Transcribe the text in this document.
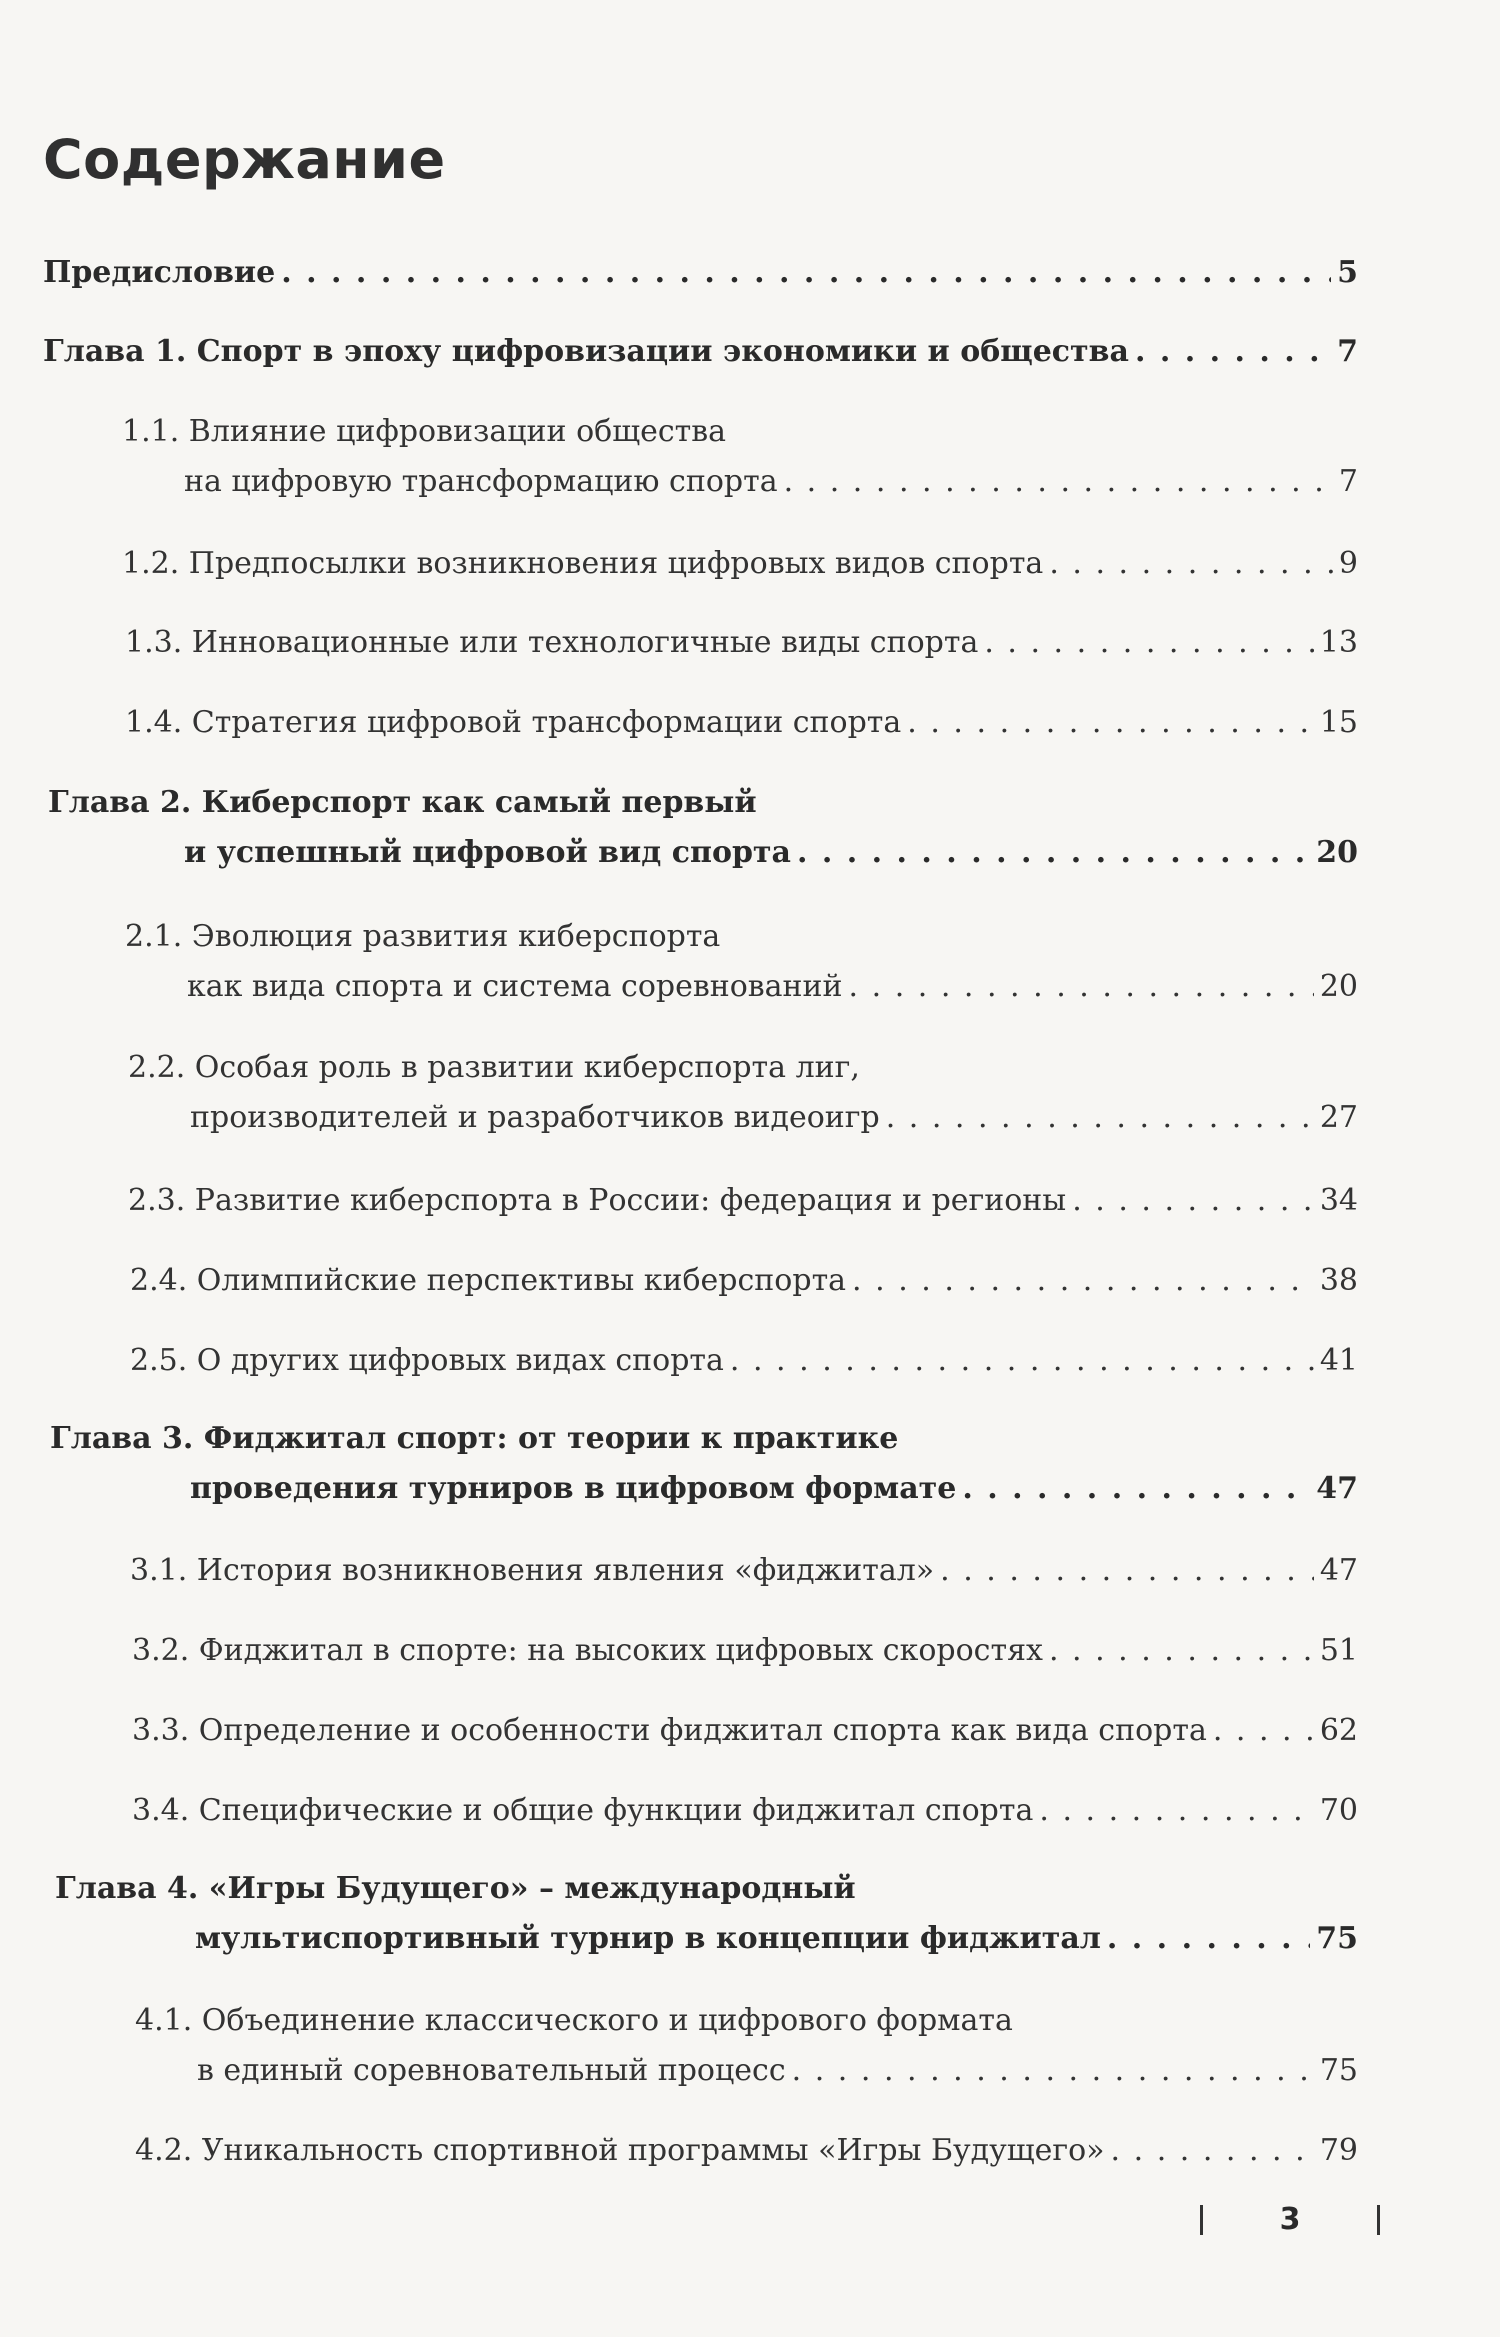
Содержание
Предисловие . . .	5
Глава 1. Спорт в эпоху цифровизации экономики и общества . . .	7
1.1. Влияние цифровизации общества
на цифровую трансформацию спорта . . .	7
1.2. Предпосылки возникновения цифровых видов спорта . . .	9
1.3. Инновационные или технологичные виды спорта . . .	13
1.4. Стратегия цифровой трансформации спорта . . .	15
Глава 2. Киберспорт как самый первый
и успешный цифровой вид спорта . . .	20
2.1. Эволюция развития киберспорта
как вида спорта и система соревнований . . .	20
2.2. Особая роль в развитии киберспорта лиг,
производителей и разработчиков видеоигр . . .	27
2.3. Развитие киберспорта в России: федерация и регионы . . .	34
2.4. Олимпийские перспективы киберспорта . . .	38
2.5. О других цифровых видах спорта . . .	41
Глава 3. Фиджитал спорт: от теории к практике
проведения турниров в цифровом формате . . .	47
3.1. История возникновения явления «фиджитал» . . .	47
3.2. Фиджитал в спорте: на высоких цифровых скоростях . . .	51
3.3. Определение и особенности фиджитал спорта как вида спорта . . .	62
3.4. Специфические и общие функции фиджитал спорта . . .	70
Глава 4. «Игры Будущего» – международный
мультиспортивный турнир в концепции фиджитал . . .	75
4.1. Объединение классического и цифрового формата
в единый соревновательный процесс . . .	75
4.2. Уникальность спортивной программы «Игры Будущего» . . .	79
3
